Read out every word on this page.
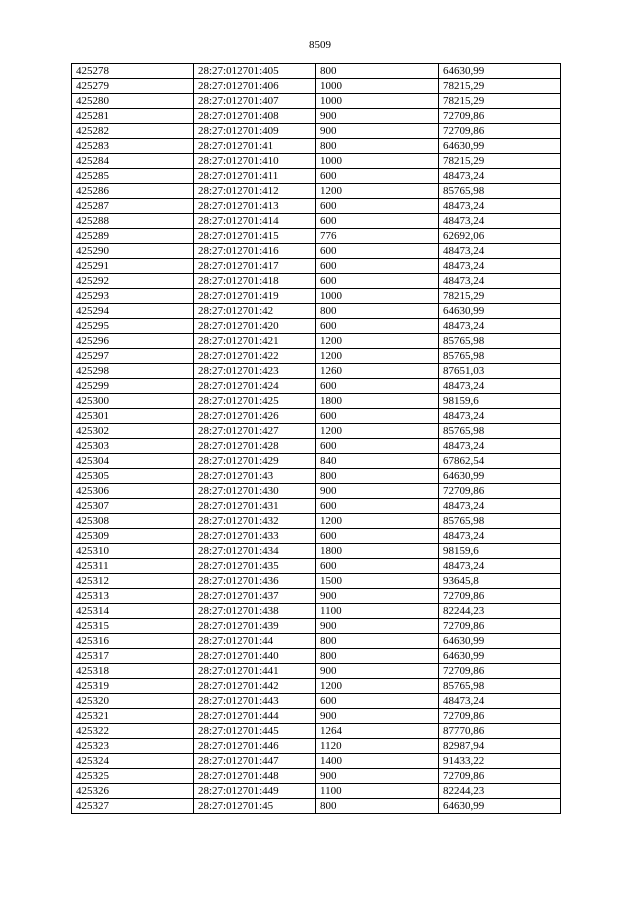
8509
425278	28:27:012701:405	800	64630,99
425279	28:27:012701:406	1000	78215,29
425280	28:27:012701:407	1000	78215,29
425281	28:27:012701:408	900	72709,86
425282	28:27:012701:409	900	72709,86
425283	28:27:012701:41	800	64630,99
425284	28:27:012701:410	1000	78215,29
425285	28:27:012701:411	600	48473,24
425286	28:27:012701:412	1200	85765,98
425287	28:27:012701:413	600	48473,24
425288	28:27:012701:414	600	48473,24
425289	28:27:012701:415	776	62692,06
425290	28:27:012701:416	600	48473,24
425291	28:27:012701:417	600	48473,24
425292	28:27:012701:418	600	48473,24
425293	28:27:012701:419	1000	78215,29
425294	28:27:012701:42	800	64630,99
425295	28:27:012701:420	600	48473,24
425296	28:27:012701:421	1200	85765,98
425297	28:27:012701:422	1200	85765,98
425298	28:27:012701:423	1260	87651,03
425299	28:27:012701:424	600	48473,24
425300	28:27:012701:425	1800	98159,6
425301	28:27:012701:426	600	48473,24
425302	28:27:012701:427	1200	85765,98
425303	28:27:012701:428	600	48473,24
425304	28:27:012701:429	840	67862,54
425305	28:27:012701:43	800	64630,99
425306	28:27:012701:430	900	72709,86
425307	28:27:012701:431	600	48473,24
425308	28:27:012701:432	1200	85765,98
425309	28:27:012701:433	600	48473,24
425310	28:27:012701:434	1800	98159,6
425311	28:27:012701:435	600	48473,24
425312	28:27:012701:436	1500	93645,8
425313	28:27:012701:437	900	72709,86
425314	28:27:012701:438	1100	82244,23
425315	28:27:012701:439	900	72709,86
425316	28:27:012701:44	800	64630,99
425317	28:27:012701:440	800	64630,99
425318	28:27:012701:441	900	72709,86
425319	28:27:012701:442	1200	85765,98
425320	28:27:012701:443	600	48473,24
425321	28:27:012701:444	900	72709,86
425322	28:27:012701:445	1264	87770,86
425323	28:27:012701:446	1120	82987,94
425324	28:27:012701:447	1400	91433,22
425325	28:27:012701:448	900	72709,86
425326	28:27:012701:449	1100	82244,23
425327	28:27:012701:45	800	64630,99
